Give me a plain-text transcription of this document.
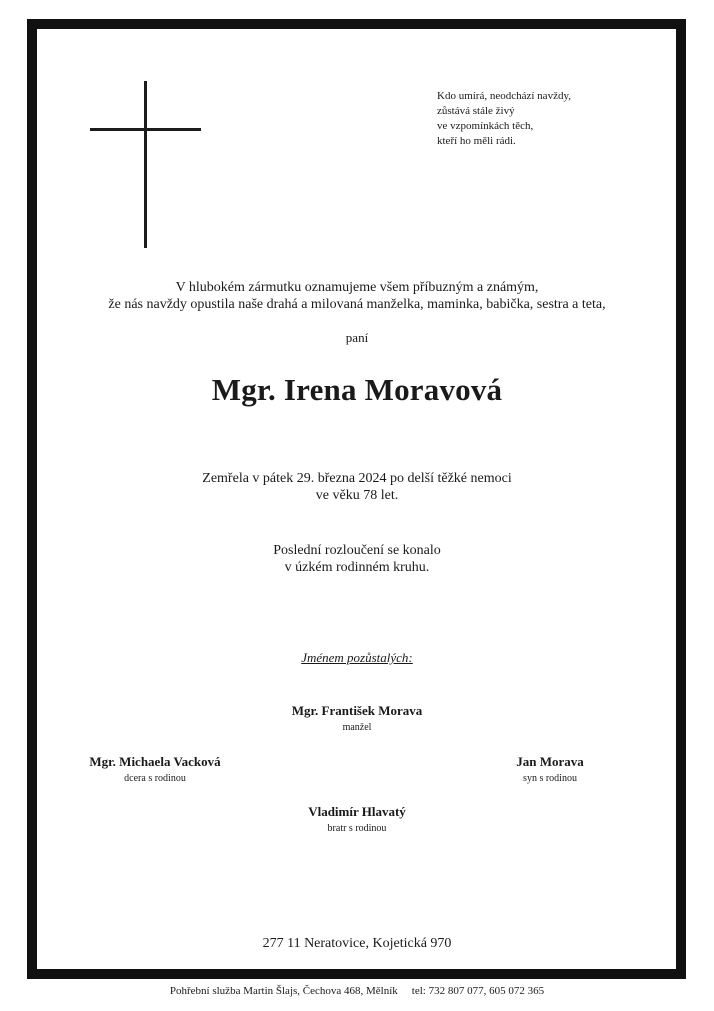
Kdo umírá, neodchází navždy,
zůstává stále živý
ve vzpomínkách těch,
kteří ho měli rádi.
V hlubokém zármutku oznamujeme všem příbuzným a známým,
že nás navždy opustila naše drahá a milovaná manželka, maminka, babička, sestra a teta,
paní
Mgr. Irena Moravová
Zemřela v pátek 29. března 2024 po delší těžké nemoci
ve věku 78 let.
Poslední rozloučení se konalo
v úzkém rodinném kruhu.
Jménem pozůstalých:
Mgr. František Morava
manžel
Mgr. Michaela Vacková
dcera s rodinou
Jan Morava
syn s rodinou
Vladimír Hlavatý
bratr s rodinou
277 11 Neratovice, Kojetická 970
Pohřební služba Martin Šlajs, Čechova 468, Mělník tel: 732 807 077, 605 072 365
